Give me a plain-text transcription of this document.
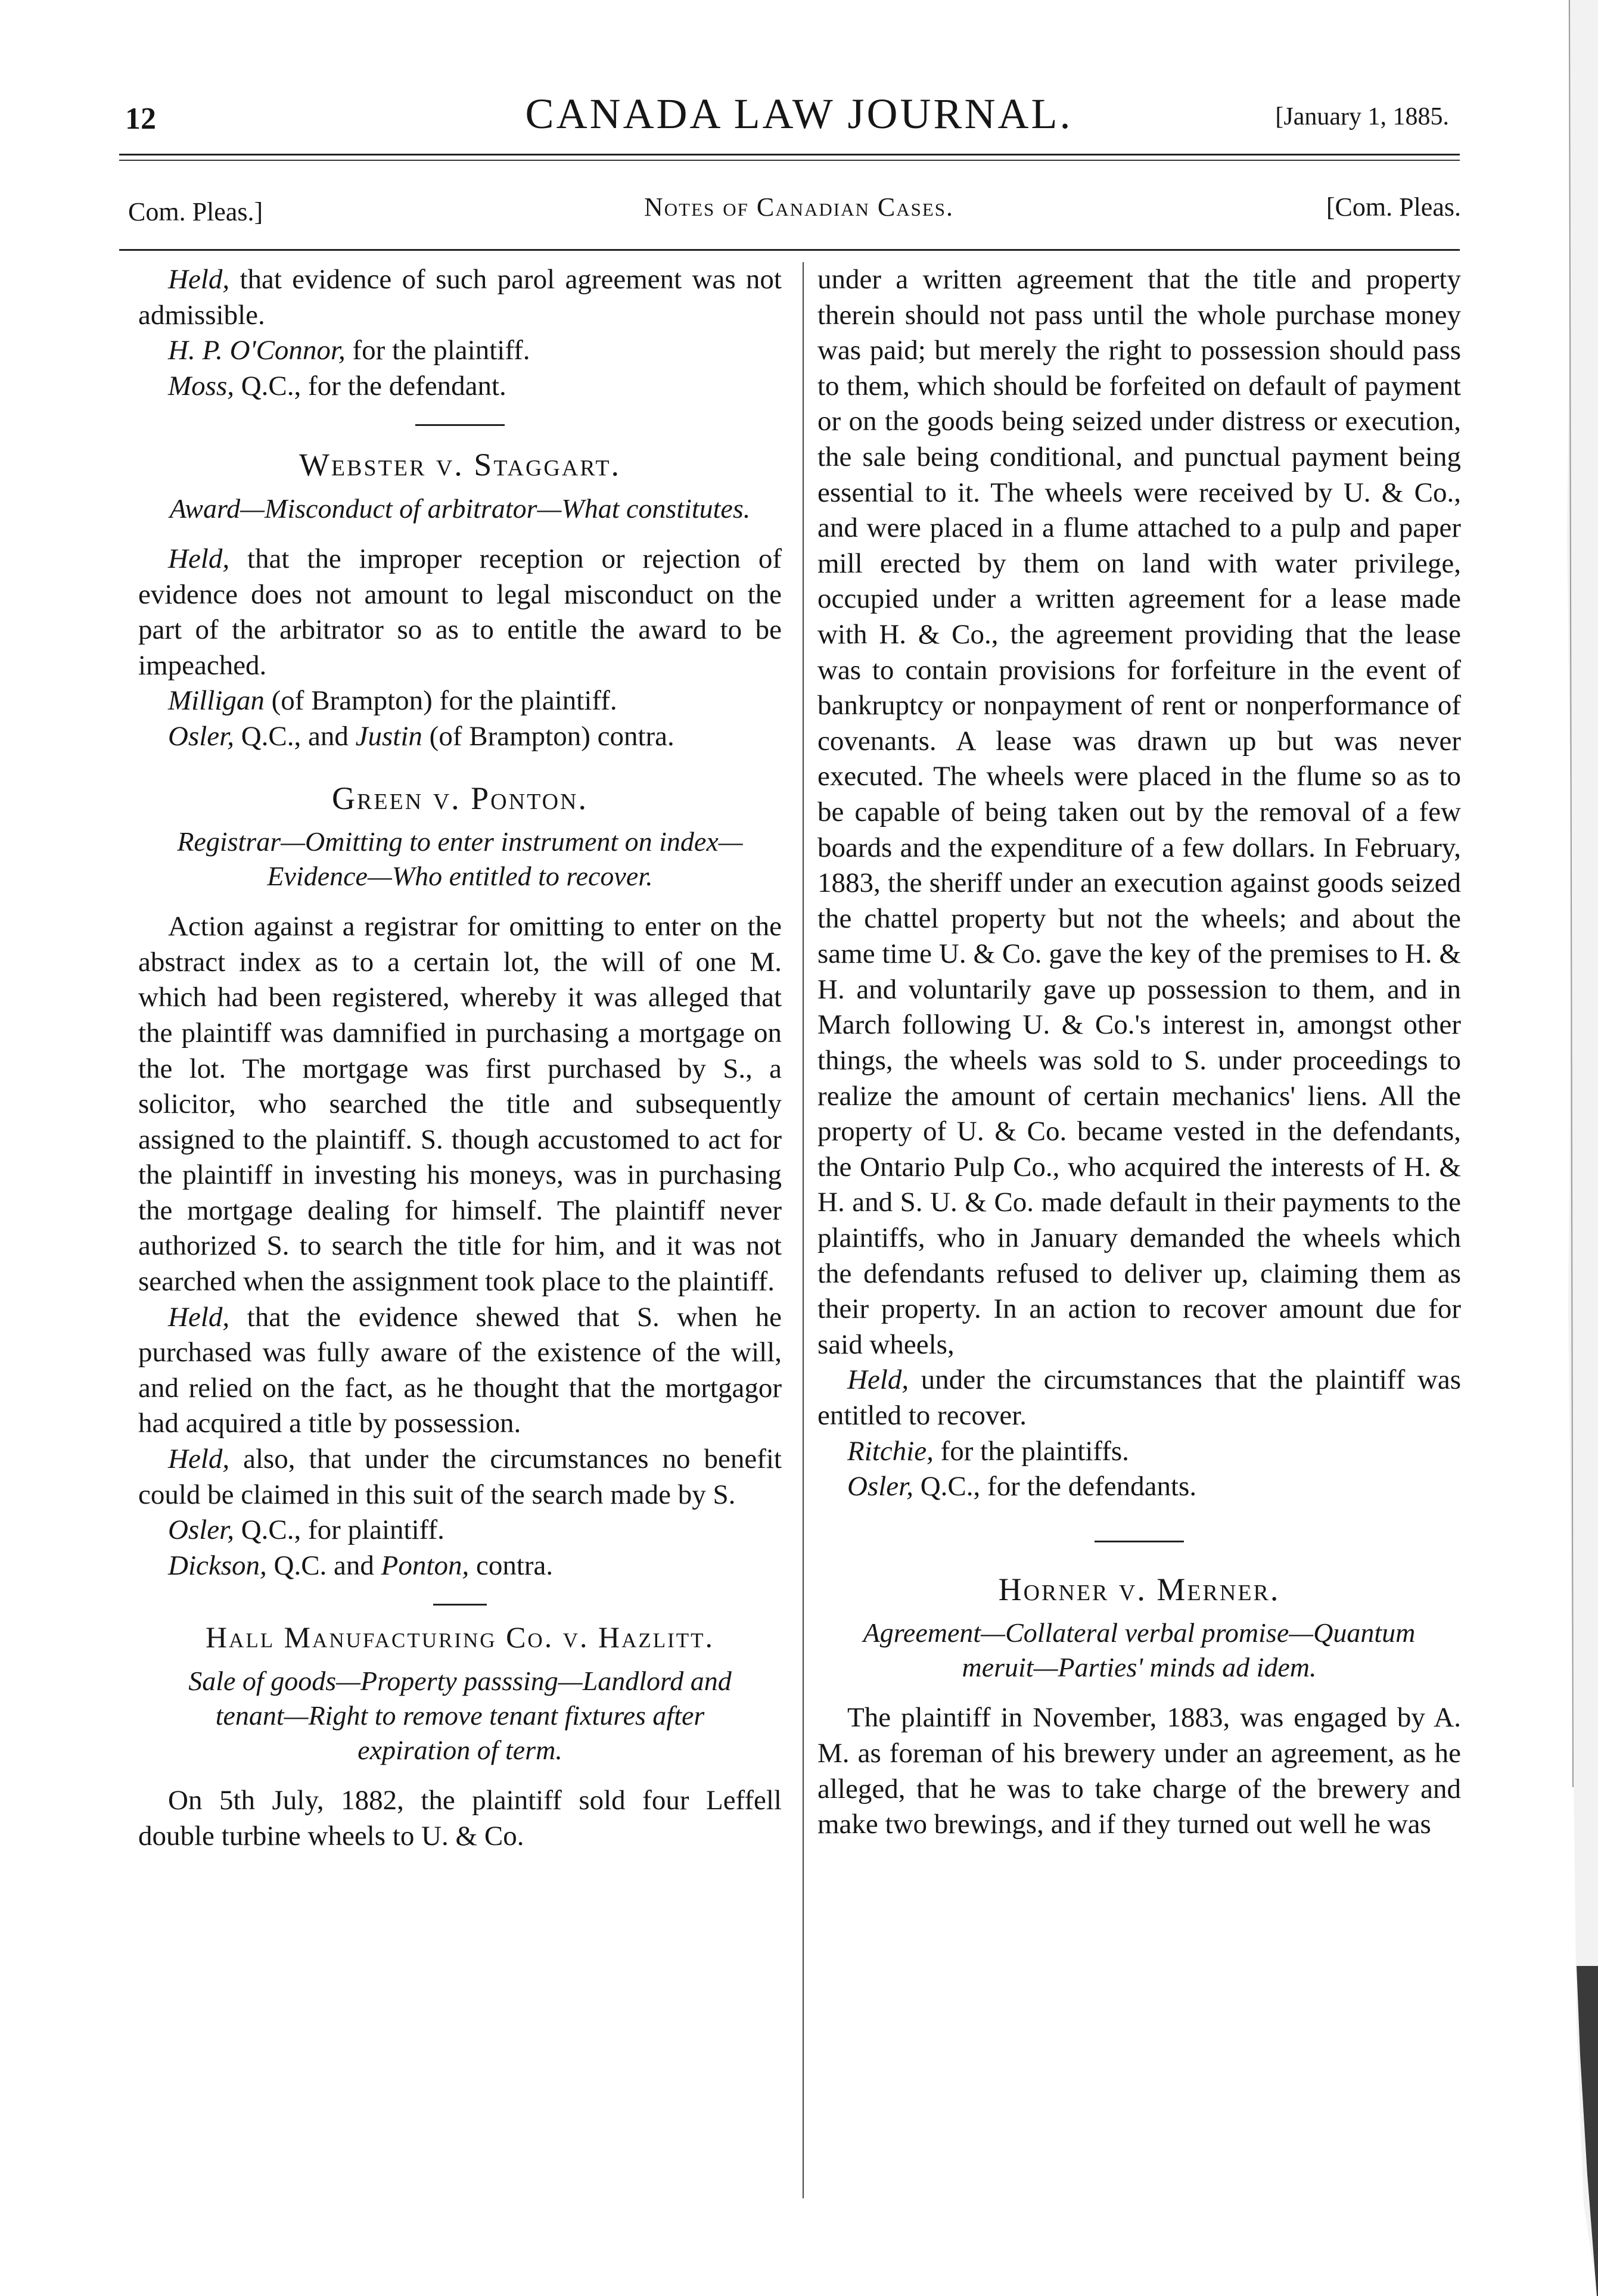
12	CANADA LAW JOURNAL.	[January 1, 1885.
Com. Pleas.]	Notes of Canadian Cases.	[Com. Pleas.

Held, that evidence of such parol agreement was not admissible.

H. P. O'Connor, for the plaintiff.

Moss, Q.C., for the defendant.

Webster v. Staggart.
Award—Misconduct of arbitrator—What constitutes.

Held, that the improper reception or rejection of evidence does not amount to legal misconduct on the part of the arbitrator so as to entitle the award to be impeached.

Milligan (of Brampton) for the plaintiff.

Osler, Q.C., and Justin (of Brampton) contra.

Green v. Ponton.
Registrar—Omitting to enter instrument on index—Evidence—Who entitled to recover.

Action against a registrar for omitting to enter on the abstract index as to a certain lot, the will of one M. which had been registered, whereby it was alleged that the plaintiff was damnified in purchasing a mortgage on the lot. The mortgage was first purchased by S., a solicitor, who searched the title and subsequently assigned to the plaintiff. S. though accustomed to act for the plaintiff in investing his moneys, was in purchasing the mortgage dealing for himself. The plaintiff never authorized S. to search the title for him, and it was not searched when the assignment took place to the plaintiff.

Held, that the evidence shewed that S. when he purchased was fully aware of the existence of the will, and relied on the fact, as he thought that the mortgagor had acquired a title by possession.

Held, also, that under the circumstances no benefit could be claimed in this suit of the search made by S.

Osler, Q.C., for plaintiff.

Dickson, Q.C. and Ponton, contra.

Hall Manufacturing Co. v. Hazlitt.
Sale of goods—Property passsing—Landlord and tenant—Right to remove tenant fixtures after expiration of term.

On 5th July, 1882, the plaintiff sold four Leffell double turbine wheels to U. & Co.

under a written agreement that the title and property therein should not pass until the whole purchase money was paid; but merely the right to possession should pass to them, which should be forfeited on default of payment or on the goods being seized under distress or execution, the sale being conditional, and punctual payment being essential to it. The wheels were received by U. & Co., and were placed in a flume attached to a pulp and paper mill erected by them on land with water privilege, occupied under a written agreement for a lease made with H. & Co., the agreement providing that the lease was to contain provisions for forfeiture in the event of bankruptcy or nonpayment of rent or nonperformance of covenants. A lease was drawn up but was never executed. The wheels were placed in the flume so as to be capable of being taken out by the removal of a few boards and the expenditure of a few dollars. In February, 1883, the sheriff under an execution against goods seized the chattel property but not the wheels; and about the same time U. & Co. gave the key of the premises to H. & H. and voluntarily gave up possession to them, and in March following U. & Co.'s interest in, amongst other things, the wheels was sold to S. under proceedings to realize the amount of certain mechanics' liens. All the property of U. & Co. became vested in the defendants, the Ontario Pulp Co., who acquired the interests of H. & H. and S. U. & Co. made default in their payments to the plaintiffs, who in January demanded the wheels which the defendants refused to deliver up, claiming them as their property. In an action to recover amount due for said wheels,

Held, under the circumstances that the plaintiff was entitled to recover.

Ritchie, for the plaintiffs.

Osler, Q.C., for the defendants.

Horner v. Merner.
Agreement—Collateral verbal promise—Quantum meruit—Parties' minds ad idem.

The plaintiff in November, 1883, was engaged by A. M. as foreman of his brewery under an agreement, as he alleged, that he was to take charge of the brewery and make two brewings, and if they turned out well he was
